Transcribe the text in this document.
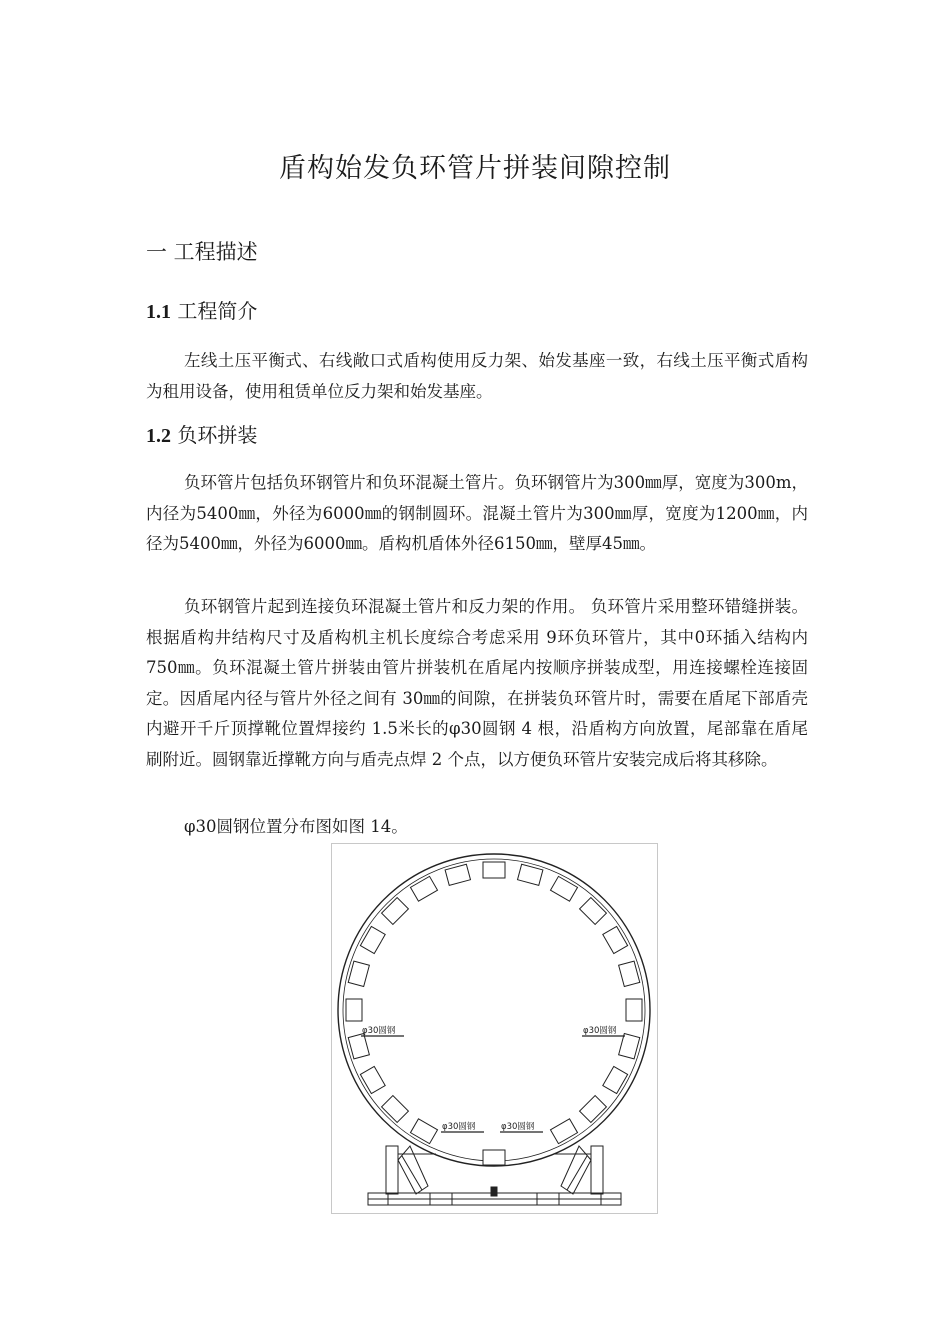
盾构始发负环管片拼装间隙控制
一 工程描述
1.1 工程简介
左线土压平衡式、右线敞口式盾构使用反力架、始发基座一致，右线土压平衡式盾构为租用设备，使用租赁单位反力架和始发基座。
1.2 负环拼装
负环管片包括负环钢管片和负环混凝土管片。负环钢管片为300㎜厚，宽度为300m，内径为5400㎜，外径为6000㎜的钢制圆环。混凝土管片为300㎜厚，宽度为1200㎜，内径为5400㎜，外径为6000㎜。盾构机盾体外径6150㎜，壁厚45㎜。
负环钢管片起到连接负环混凝土管片和反力架的作用。 负环管片采用整环错缝拼装。根据盾构井结构尺寸及盾构机主机长度综合考虑采用 9环负环管片，其中0环插入结构内 750㎜。负环混凝土管片拼装由管片拼装机在盾尾内按顺序拼装成型，用连接螺栓连接固定。因盾尾内径与管片外径之间有 30㎜的间隙，在拼装负环管片时，需要在盾尾下部盾壳内避开千斤顶撑靴位置焊接约 1.5米长的φ30圆钢 4 根，沿盾构方向放置，尾部靠在盾尾刷附近。圆钢靠近撑靴方向与盾壳点焊 2 个点，以方便负环管片安装完成后将其移除。
φ30圆钢位置分布图如图 14。
φ30圆钢	φ30圆钢
φ30圆钢	φ30圆钢
